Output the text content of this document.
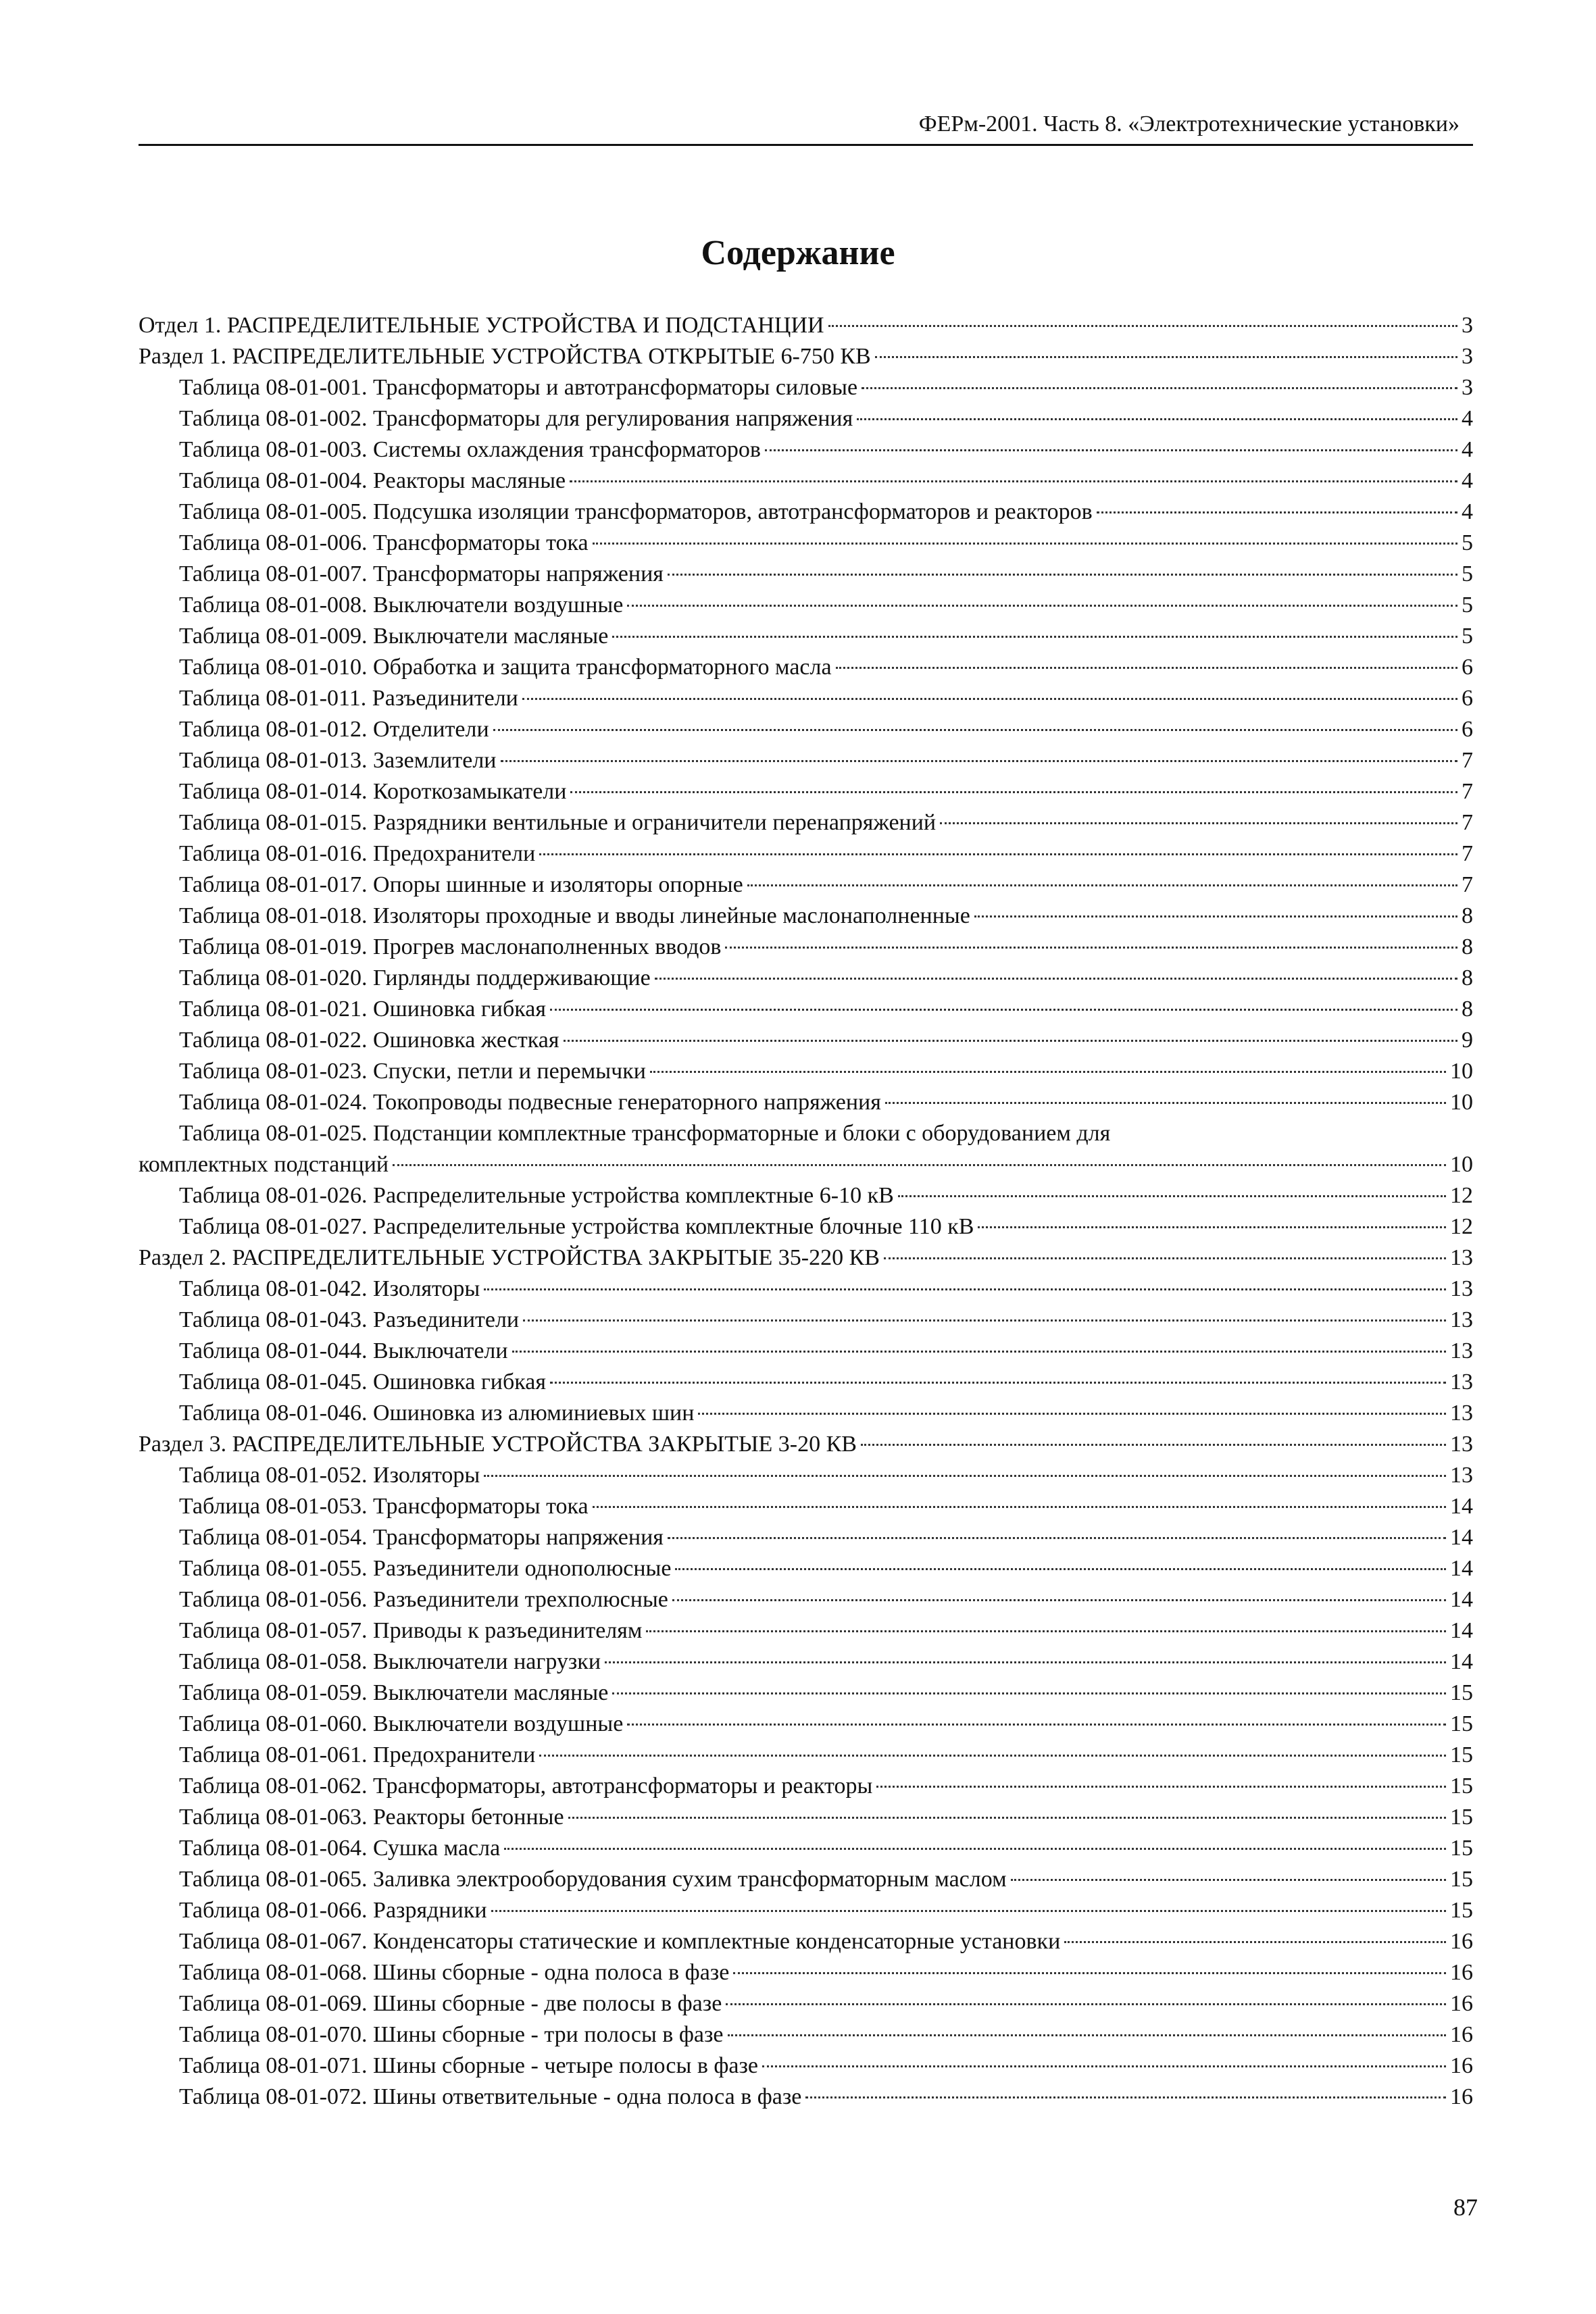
ФЕРм-2001. Часть 8. «Электротехнические установки»
Содержание
Отдел 1. РАСПРЕДЕЛИТЕЛЬНЫЕ УСТРОЙСТВА И ПОДСТАНЦИИ	3
Раздел 1. РАСПРЕДЕЛИТЕЛЬНЫЕ УСТРОЙСТВА ОТКРЫТЫЕ 6-750 КВ	3
Таблица 08-01-001. Трансформаторы и автотрансформаторы силовые	3
Таблица 08-01-002. Трансформаторы для регулирования напряжения	4
Таблица 08-01-003. Системы охлаждения трансформаторов	4
Таблица 08-01-004. Реакторы масляные	4
Таблица 08-01-005. Подсушка изоляции трансформаторов, автотрансформаторов и реакторов	4
Таблица 08-01-006. Трансформаторы тока	5
Таблица 08-01-007. Трансформаторы напряжения	5
Таблица 08-01-008. Выключатели воздушные	5
Таблица 08-01-009. Выключатели масляные	5
Таблица 08-01-010. Обработка и защита трансформаторного масла	6
Таблица 08-01-011. Разъединители	6
Таблица 08-01-012. Отделители	6
Таблица 08-01-013. Заземлители	7
Таблица 08-01-014. Короткозамыкатели	7
Таблица 08-01-015. Разрядники вентильные и ограничители перенапряжений	7
Таблица 08-01-016. Предохранители	7
Таблица 08-01-017. Опоры шинные и изоляторы опорные	7
Таблица 08-01-018. Изоляторы проходные и вводы линейные маслонаполненные	8
Таблица 08-01-019. Прогрев маслонаполненных вводов	8
Таблица 08-01-020. Гирлянды поддерживающие	8
Таблица 08-01-021. Ошиновка гибкая	8
Таблица 08-01-022. Ошиновка жесткая	9
Таблица 08-01-023. Спуски, петли и перемычки	10
Таблица 08-01-024. Токопроводы подвесные генераторного напряжения	10
Таблица 08-01-025. Подстанции комплектные трансформаторные и блоки с оборудованием для
комплектных подстанций	10
Таблица 08-01-026. Распределительные устройства комплектные 6-10 кВ	12
Таблица 08-01-027. Распределительные устройства комплектные блочные 110 кВ	12
Раздел 2. РАСПРЕДЕЛИТЕЛЬНЫЕ УСТРОЙСТВА ЗАКРЫТЫЕ 35-220 КВ	13
Таблица 08-01-042. Изоляторы	13
Таблица 08-01-043. Разъединители	13
Таблица 08-01-044. Выключатели	13
Таблица 08-01-045. Ошиновка гибкая	13
Таблица 08-01-046. Ошиновка из алюминиевых шин	13
Раздел 3. РАСПРЕДЕЛИТЕЛЬНЫЕ УСТРОЙСТВА ЗАКРЫТЫЕ 3-20 КВ	13
Таблица 08-01-052. Изоляторы	13
Таблица 08-01-053. Трансформаторы тока	14
Таблица 08-01-054. Трансформаторы напряжения	14
Таблица 08-01-055. Разъединители однополюсные	14
Таблица 08-01-056. Разъединители трехполюсные	14
Таблица 08-01-057. Приводы к разъединителям	14
Таблица 08-01-058. Выключатели нагрузки	14
Таблица 08-01-059. Выключатели масляные	15
Таблица 08-01-060. Выключатели воздушные	15
Таблица 08-01-061. Предохранители	15
Таблица 08-01-062. Трансформаторы, автотрансформаторы и реакторы	15
Таблица 08-01-063. Реакторы бетонные	15
Таблица 08-01-064. Сушка масла	15
Таблица 08-01-065. Заливка электрооборудования сухим трансформаторным маслом	15
Таблица 08-01-066. Разрядники	15
Таблица 08-01-067. Конденсаторы статические и комплектные конденсаторные установки	16
Таблица 08-01-068. Шины сборные - одна полоса в фазе	16
Таблица 08-01-069. Шины сборные - две полосы в фазе	16
Таблица 08-01-070. Шины сборные - три полосы в фазе	16
Таблица 08-01-071. Шины сборные - четыре полосы в фазе	16
Таблица 08-01-072. Шины ответвительные - одна полоса в фазе	16
87
